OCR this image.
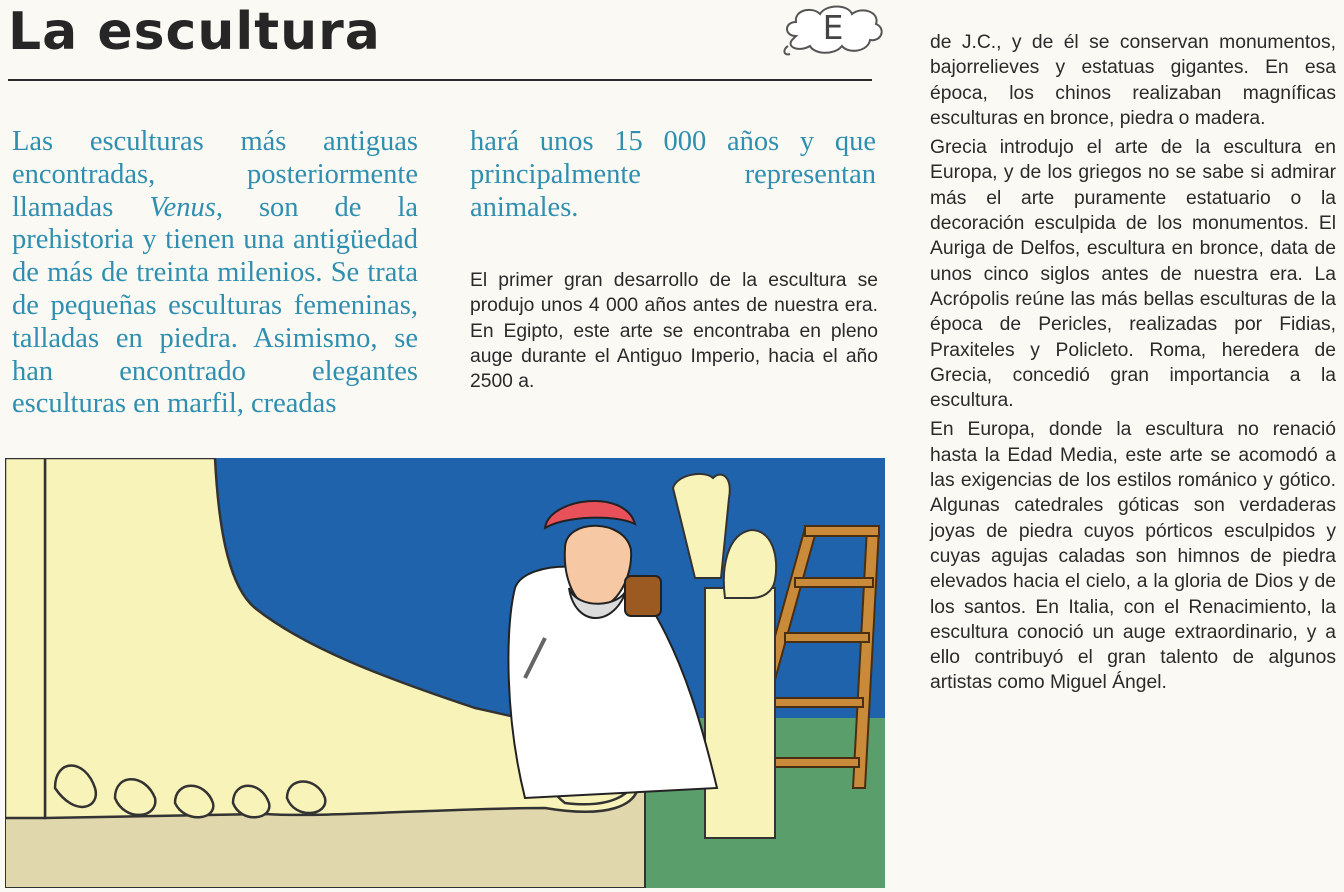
La escultura	E

Las esculturas más antiguas encontradas, posteriormente llamadas Venus, son de la prehistoria y tienen una antigüedad de más de treinta milenios. Se trata de pequeñas esculturas femeninas, talladas en piedra. Asimismo, se han encontrado elegantes esculturas en marfil, creadas

hará unos 15 000 años y que principalmente representan animales.

El primer gran desarrollo de la escultura se produjo unos 4 000 años antes de nuestra era. En Egipto, este arte se encontraba en pleno auge durante el Antiguo Imperio, hacia el año 2500 a.

de J.C., y de él se conservan monumentos, bajorrelieves y estatuas gigantes. En esa época, los chinos realizaban magníficas esculturas en bronce, piedra o madera.

Grecia introdujo el arte de la escultura en Europa, y de los griegos no se sabe si admirar más el arte puramente estatuario o la decoración esculpida de los monumentos. El Auriga de Delfos, escultura en bronce, data de unos cinco siglos antes de nuestra era. La Acrópolis reúne las más bellas esculturas de la época de Pericles, realizadas por Fidias, Praxiteles y Policleto. Roma, heredera de Grecia, concedió gran importancia a la escultura.

En Europa, donde la escultura no renació hasta la Edad Media, este arte se acomodó a las exigencias de los estilos románico y gótico. Algunas catedrales góticas son verdaderas joyas de piedra cuyos pórticos esculpidos y cuyas agujas caladas son himnos de piedra elevados hacia el cielo, a la gloria de Dios y de los santos. En Italia, con el Renacimiento, la escultura conoció un auge extraordinario, y a ello contribuyó el gran talento de algunos artistas como Miguel Ángel.
